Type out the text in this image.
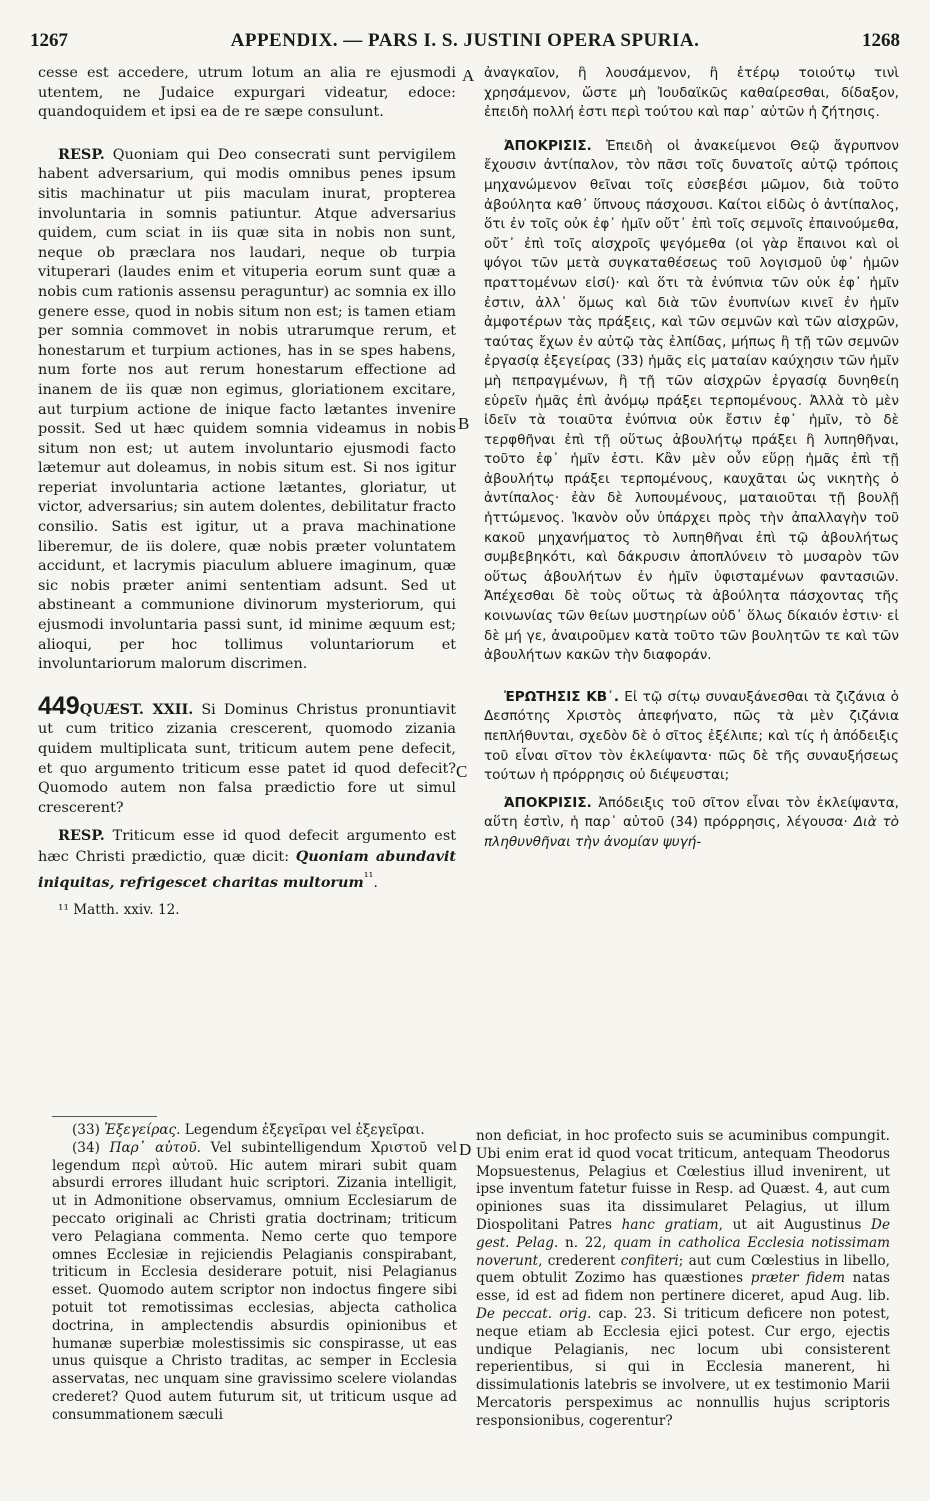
1267	APPENDIX. — PARS I. S. JUSTINI OPERA SPURIA.	1268
A
B
C
D

cesse est accedere, utrum lotum an alia re ejusmodi utentem, ne Judaice expurgari videatur, edoce: quandoquidem et ipsi ea de re sæpe consulunt.

RESP. Quoniam qui Deo consecrati sunt pervigilem habent adversarium, qui modis omnibus penes ipsum sitis machinatur ut piis maculam inurat, propterea involuntaria in somnis patiuntur. Atque adversarius quidem, cum sciat in iis quæ sita in nobis non sunt, neque ob præclara nos laudari, neque ob turpia vituperari (laudes enim et vituperia eorum sunt quæ a nobis cum rationis assensu peraguntur) ac somnia ex illo genere esse, quod in nobis situm non est; is tamen etiam per somnia commovet in nobis utrarumque rerum, et honestarum et turpium actiones, has in se spes habens, num forte nos aut rerum honestarum effectione ad inanem de iis quæ non egimus, gloriationem excitare, aut turpium actione de inique facto lætantes invenire possit. Sed ut hæc quidem somnia videamus in nobis situm non est; ut autem involuntario ejusmodi facto lætemur aut doleamus, in nobis situm est. Si nos igitur reperiat involuntaria actione lætantes, gloriatur, ut victor, adversarius; sin autem dolentes, debilitatur fracto consilio. Satis est igitur, ut a prava machinatione liberemur, de iis dolere, quæ nobis præter voluntatem accidunt, et lacrymis piaculum abluere imaginum, quæ sic nobis præter animi sententiam adsunt. Sed ut abstineant a communione divinorum mysteriorum, qui ejusmodi involuntaria passi sunt, id minime æquum est; alioqui, per hoc tollimus voluntariorum et involuntariorum malorum discrimen.

449QUÆST. XXII. Si Dominus Christus pronuntiavit ut cum tritico zizania crescerent, quomodo zizania quidem multiplicata sunt, triticum autem pene defecit, et quo argumento triticum esse patet id quod defecit? Quomodo autem non falsa prædictio fore ut simul crescerent?

RESP. Triticum esse id quod defecit argumento est hæc Christi prædictio, quæ dicit: Quoniam abundavit iniquitas, refrigescet charitas multorum$^{^{11}}$.

¹¹ Matth. xxiv. 12.

ἀναγκαῖον, ἢ λουσάμενον, ἢ ἑτέρῳ τοιούτῳ τινὶ χρησάμενον, ὥστε μὴ Ἰουδαϊκῶς καθαίρεσθαι, δίδαξον, ἐπειδὴ πολλή ἐστι περὶ τούτου καὶ παρ᾽ αὐτῶν ἡ ζήτησις.

ἈΠΟΚΡΙΣΙΣ. Ἐπειδὴ οἱ ἀνακείμενοι Θεῷ ἄγρυπνον ἔχουσιν ἀντίπαλον, τὸν πᾶσι τοῖς δυνατοῖς αὐτῷ τρόποις μηχανώμενον θεῖναι τοῖς εὐσεβέσι μῶμον, διὰ τοῦτο ἀβούλητα καθ᾽ ὕπνους πάσχουσι. Καίτοι εἰδὼς ὁ ἀντίπαλος, ὅτι ἐν τοῖς οὐκ ἐφ᾽ ἡμῖν οὔτ᾽ ἐπὶ τοῖς σεμνοῖς ἐπαινούμεθα, οὔτ᾽ ἐπὶ τοῖς αἰσχροῖς ψεγόμεθα (οἱ γὰρ ἔπαινοι καὶ οἱ ψόγοι τῶν μετὰ συγκαταθέσεως τοῦ λογισμοῦ ὑφ᾽ ἡμῶν πραττομένων εἰσί)· καὶ ὅτι τὰ ἐνύπνια τῶν οὐκ ἐφ᾽ ἡμῖν ἐστιν, ἀλλ᾽ ὅμως καὶ διὰ τῶν ἐνυπνίων κινεῖ ἐν ἡμῖν ἀμφοτέρων τὰς πράξεις, καὶ τῶν σεμνῶν καὶ τῶν αἰσχρῶν, ταύτας ἔχων ἐν αὐτῷ τὰς ἐλπίδας, μήπως ἢ τῇ τῶν σεμνῶν ἐργασίᾳ ἐξεγείρας (33) ἡμᾶς εἰς ματαίαν καύχησιν τῶν ἡμῖν μὴ πεπραγμένων, ἢ τῇ τῶν αἰσχρῶν ἐργασίᾳ δυνηθείη εὑρεῖν ἡμᾶς ἐπὶ ἀνόμῳ πράξει τερπομένους. Ἀλλὰ τὸ μὲν ἰδεῖν τὰ τοιαῦτα ἐνύπνια οὐκ ἔστιν ἐφ᾽ ἡμῖν, τὸ δὲ τερφθῆναι ἐπὶ τῇ οὕτως ἀβουλήτῳ πράξει ἢ λυπηθῆναι, τοῦτο ἐφ᾽ ἡμῖν ἐστι. Κἂν μὲν οὖν εὕρῃ ἡμᾶς ἐπὶ τῇ ἀβουλήτῳ πράξει τερπομένους, καυχᾶται ὡς νικητὴς ὁ ἀντίπαλος· ἐὰν δὲ λυπουμένους, ματαιοῦται τῇ βουλῇ ἡττώμενος. Ἱκανὸν οὖν ὑπάρχει πρὸς τὴν ἀπαλλαγὴν τοῦ κακοῦ μηχανήματος τὸ λυπηθῆναι ἐπὶ τῷ ἀβουλήτως συμβεβηκότι, καὶ δάκρυσιν ἀποπλύνειν τὸ μυσαρὸν τῶν οὕτως ἀβουλήτων ἐν ἡμῖν ὑφισταμένων φαντασιῶν. Ἀπέχεσθαι δὲ τοὺς οὕτως τὰ ἀβούλητα πάσχοντας τῆς κοινωνίας τῶν θείων μυστηρίων οὐδ᾽ ὅλως δίκαιόν ἐστιν· εἰ δὲ μή γε, ἀναιροῦμεν κατὰ τοῦτο τῶν βουλητῶν τε καὶ τῶν ἀβουλήτων κακῶν τὴν διαφοράν.

ἘΡΩΤΗΣΙΣ ΚΒ᾽. Εἰ τῷ σίτῳ συναυξάνεσθαι τὰ ζιζάνια ὁ Δεσπότης Χριστὸς ἀπεφήνατο, πῶς τὰ μὲν ζιζάνια πεπλήθυνται, σχεδὸν δὲ ὁ σῖτος ἐξέλιπε; καὶ τίς ἡ ἀπόδειξις τοῦ εἶναι σῖτον τὸν ἐκλείψαντα· πῶς δὲ τῆς συναυξήσεως τούτων ἡ πρόρρησις οὐ διέψευσται;

ἈΠΟΚΡΙΣΙΣ. Ἀπόδειξις τοῦ σῖτον εἶναι τὸν ἐκλείψαντα, αὕτη ἐστὶν, ἡ παρ᾽ αὐτοῦ (34) πρόρρησις, λέγουσα· Διὰ τὸ πληθυνθῆναι τὴν ἀνομίαν ψυγή-

(33) Ἐξεγείρας. Legendum ἐξεγεῖραι vel ἐξεγεῖραι.

(34) Παρ᾽ αὐτοῦ. Vel subintelligendum Χριστοῦ vel legendum περὶ αὐτοῦ. Hic autem mirari subit quam absurdi errores illudant huic scriptori. Zizania intelligit, ut in Admonitione observamus, omnium Ecclesiarum de peccato originali ac Christi gratia doctrinam; triticum vero Pelagiana commenta. Nemo certe quo tempore omnes Ecclesiæ in rejiciendis Pelagianis conspirabant, triticum in Ecclesia desiderare potuit, nisi Pelagianus esset. Quomodo autem scriptor non indoctus fingere sibi potuit tot remotissimas ecclesias, abjecta catholica doctrina, in amplectendis absurdis opinionibus et humanæ superbiæ molestissimis sic conspirasse, ut eas unus quisque a Christo traditas, ac semper in Ecclesia asservatas, nec unquam sine gravissimo scelere violandas crederet? Quod autem futurum sit, ut triticum usque ad consummationem sæculi

non deficiat, in hoc profecto suis se acuminibus compungit. Ubi enim erat id quod vocat triticum, antequam Theodorus Mopsuestenus, Pelagius et Cœlestius illud invenirent, ut ipse inventum fatetur fuisse in Resp. ad Quæst. 4, aut cum opiniones suas ita dissimularet Pelagius, ut illum Diospolitani Patres hanc gratiam, ut ait Augustinus De gest. Pelag. n. 22, quam in catholica Ecclesia notissimam noverunt, crederent confiteri; aut cum Cœlestius in libello, quem obtulit Zozimo has quæstiones præter fidem natas esse, id est ad fidem non pertinere diceret, apud Aug. lib. De peccat. orig. cap. 23. Si triticum deficere non potest, neque etiam ab Ecclesia ejici potest. Cur ergo, ejectis undique Pelagianis, nec locum ubi consisterent reperientibus, si qui in Ecclesia manerent, hi dissimulationis latebris se involvere, ut ex testimonio Marii Mercatoris perspeximus ac nonnullis hujus scriptoris responsionibus, cogerentur?
